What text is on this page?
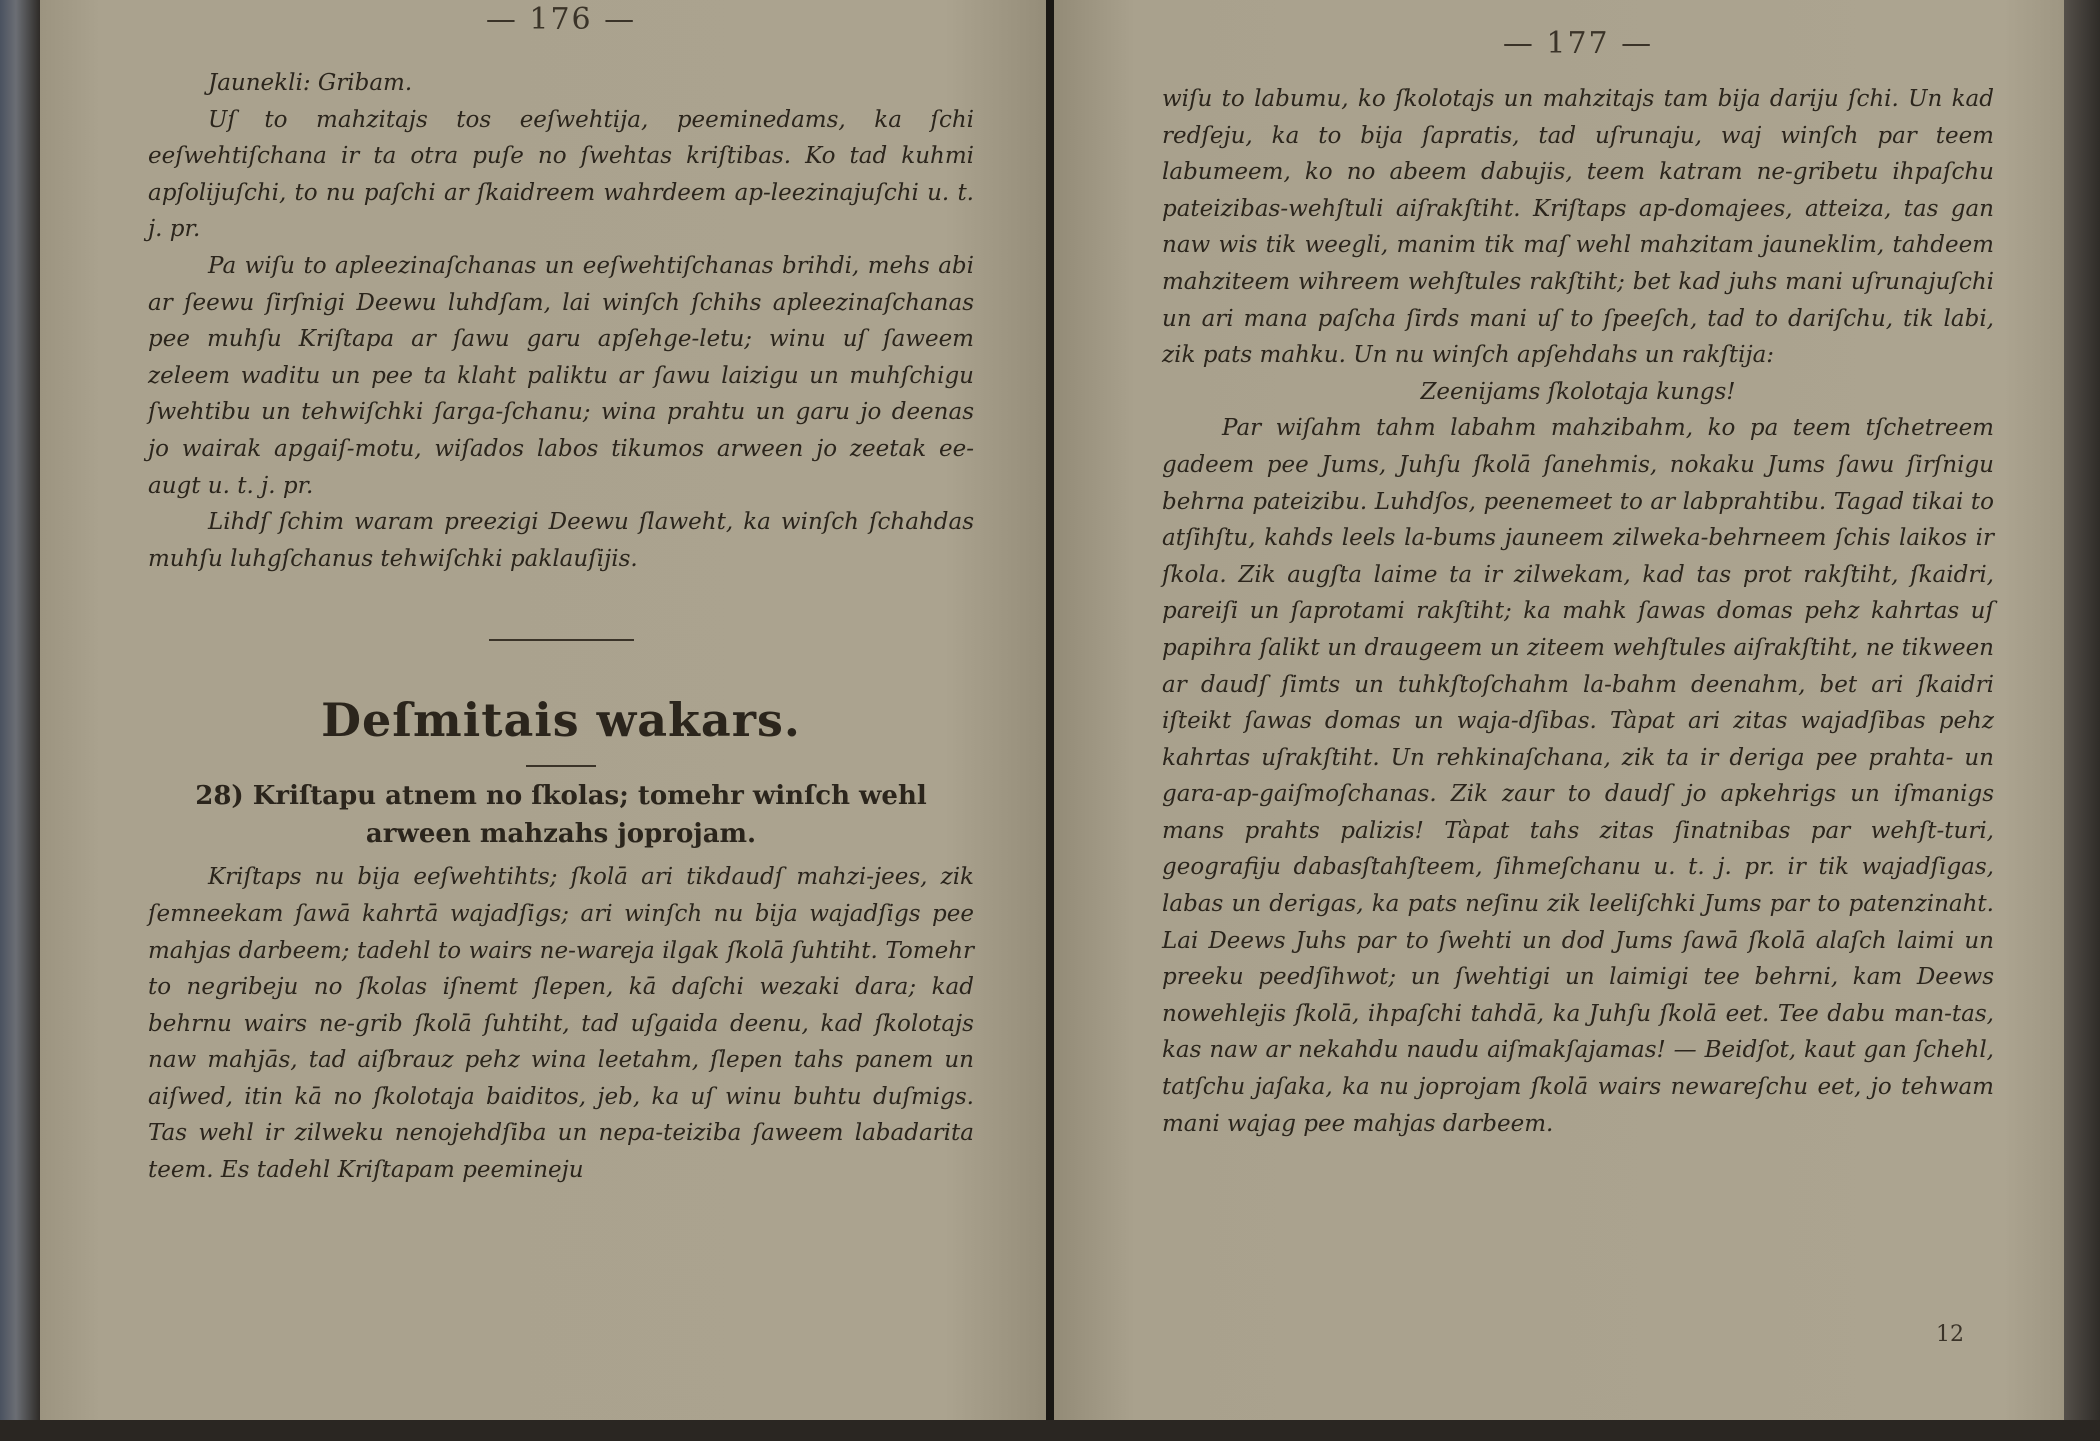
— 176 —

Jaunekli: Gribam.

Uſ to mahzitajs tos eeſwehtija, peeminedams, ka ſchi eeſwehtiſchana ir ta otra puſe no ſwehtas kriſtibas. Ko tad kuhmi apſolijuſchi, to nu paſchi ar ſkaidreem wahrdeem ap-leezinajuſchi u. t. j. pr.

Pa wiſu to apleezinaſchanas un eeſwehtiſchanas brihdi, mehs abi ar ſeewu ſirſnigi Deewu luhdſam, lai winſch ſchihs apleezinaſchanas pee muhſu Kriſtapa ar ſawu garu apſehge-letu; winu uſ ſaweem zeleem waditu un pee ta klaht paliktu ar ſawu laizigu un muhſchigu ſwehtibu un tehwiſchki ſarga-ſchanu; wina prahtu un garu jo deenas jo wairak apgaiſ-motu, wiſados labos tikumos arween jo zeetak ee-augt u. t. j. pr.

Lihdſ ſchim waram preezigi Deewu ſlaweht, ka winſch ſchahdas muhſu luhgſchanus tehwiſchki paklauſijis.

Deſmitais wakars.
28) Kriſtapu atnem no ſkolas; tomehr winſch wehl arween mahzahs joprojam.

Kriſtaps nu bija eeſwehtihts; ſkolā ari tikdaudſ mahzi-jees, zik ſemneekam ſawā kahrtā wajadſigs; ari winſch nu bija wajadſigs pee mahjas darbeem; tadehl to wairs ne-wareja ilgak ſkolā ſuhtiht. Tomehr to negribeju no ſkolas iſnemt ſlepen, kā daſchi wezaki dara; kad behrnu wairs ne-grib ſkolā ſuhtiht, tad uſgaida deenu, kad ſkolotajs naw mahjās, tad aiſbrauz pehz wina leetahm, ſlepen tahs panem un aiſwed, itin kā no ſkolotaja baiditos, jeb, ka uſ winu buhtu duſmigs. Tas wehl ir zilweku nenojehdſiba un nepa-teiziba ſaweem labadarita teem. Es tadehl Kriſtapam peemineju

— 177 —

wiſu to labumu, ko ſkolotajs un mahzitajs tam bija dariju ſchi. Un kad redſeju, ka to bija ſapratis, tad uſrunaju, waj winſch par teem labumeem, ko no abeem dabujis, teem katram ne-gribetu ihpaſchu pateizibas-wehſtuli aiſrakſtiht. Kriſtaps ap-domajees, atteiza, tas gan naw wis tik weegli, manim tik maſ wehl mahzitam jauneklim, tahdeem mahziteem wihreem wehſtules rakſtiht; bet kad juhs mani uſrunajuſchi un ari mana paſcha ſirds mani uſ to ſpeeſch, tad to dariſchu, tik labi, zik pats mahku. Un nu winſch apſehdahs un rakſtija:

Zeenijams ſkolotaja kungs!

Par wiſahm tahm labahm mahzibahm, ko pa teem tſchetreem gadeem pee Jums, Juhſu ſkolā ſanehmis, nokaku Jums ſawu ſirſnigu behrna pateizibu. Luhdſos, peenemeet to ar labprahtibu. Tagad tikai to atſihſtu, kahds leels la-bums jauneem zilweka-behrneem ſchis laikos ir ſkola. Zik augſta laime ta ir zilwekam, kad tas prot rakſtiht, ſkaidri, pareiſi un ſaprotami rakſtiht; ka mahk ſawas domas pehz kahrtas uſ papihra ſalikt un draugeem un ziteem wehſtules aiſrakſtiht, ne tikween ar daudſ ſimts un tuhkſtoſchahm la-bahm deenahm, bet ari ſkaidri iſteikt ſawas domas un waja-dſibas. Tàpat ari zitas wajadſibas pehz kahrtas uſrakſtiht. Un rehkinaſchana, zik ta ir deriga pee prahta- un gara-ap-gaiſmoſchanas. Zik zaur to daudſ jo apkehrigs un iſmanigs mans prahts palizis! Tàpat tahs zitas ſinatnibas par wehſt-turi, geografiju dabasſtahſteem, ſihmeſchanu u. t. j. pr. ir tik wajadſigas, labas un derigas, ka pats neſinu zik leeliſchki Jums par to patenzinaht. Lai Deews Juhs par to ſwehti un dod Jums ſawā ſkolā alaſch laimi un preeku peedſihwot; un ſwehtigi un laimigi tee behrni, kam Deews nowehlejis ſkolā, ihpaſchi tahdā, ka Juhſu ſkolā eet. Tee dabu man-tas, kas naw ar nekahdu naudu aiſmakſajamas! — Beidſot, kaut gan ſchehl, tatſchu jaſaka, ka nu joprojam ſkolā wairs newareſchu eet, jo tehwam mani wajag pee mahjas darbeem.

12
